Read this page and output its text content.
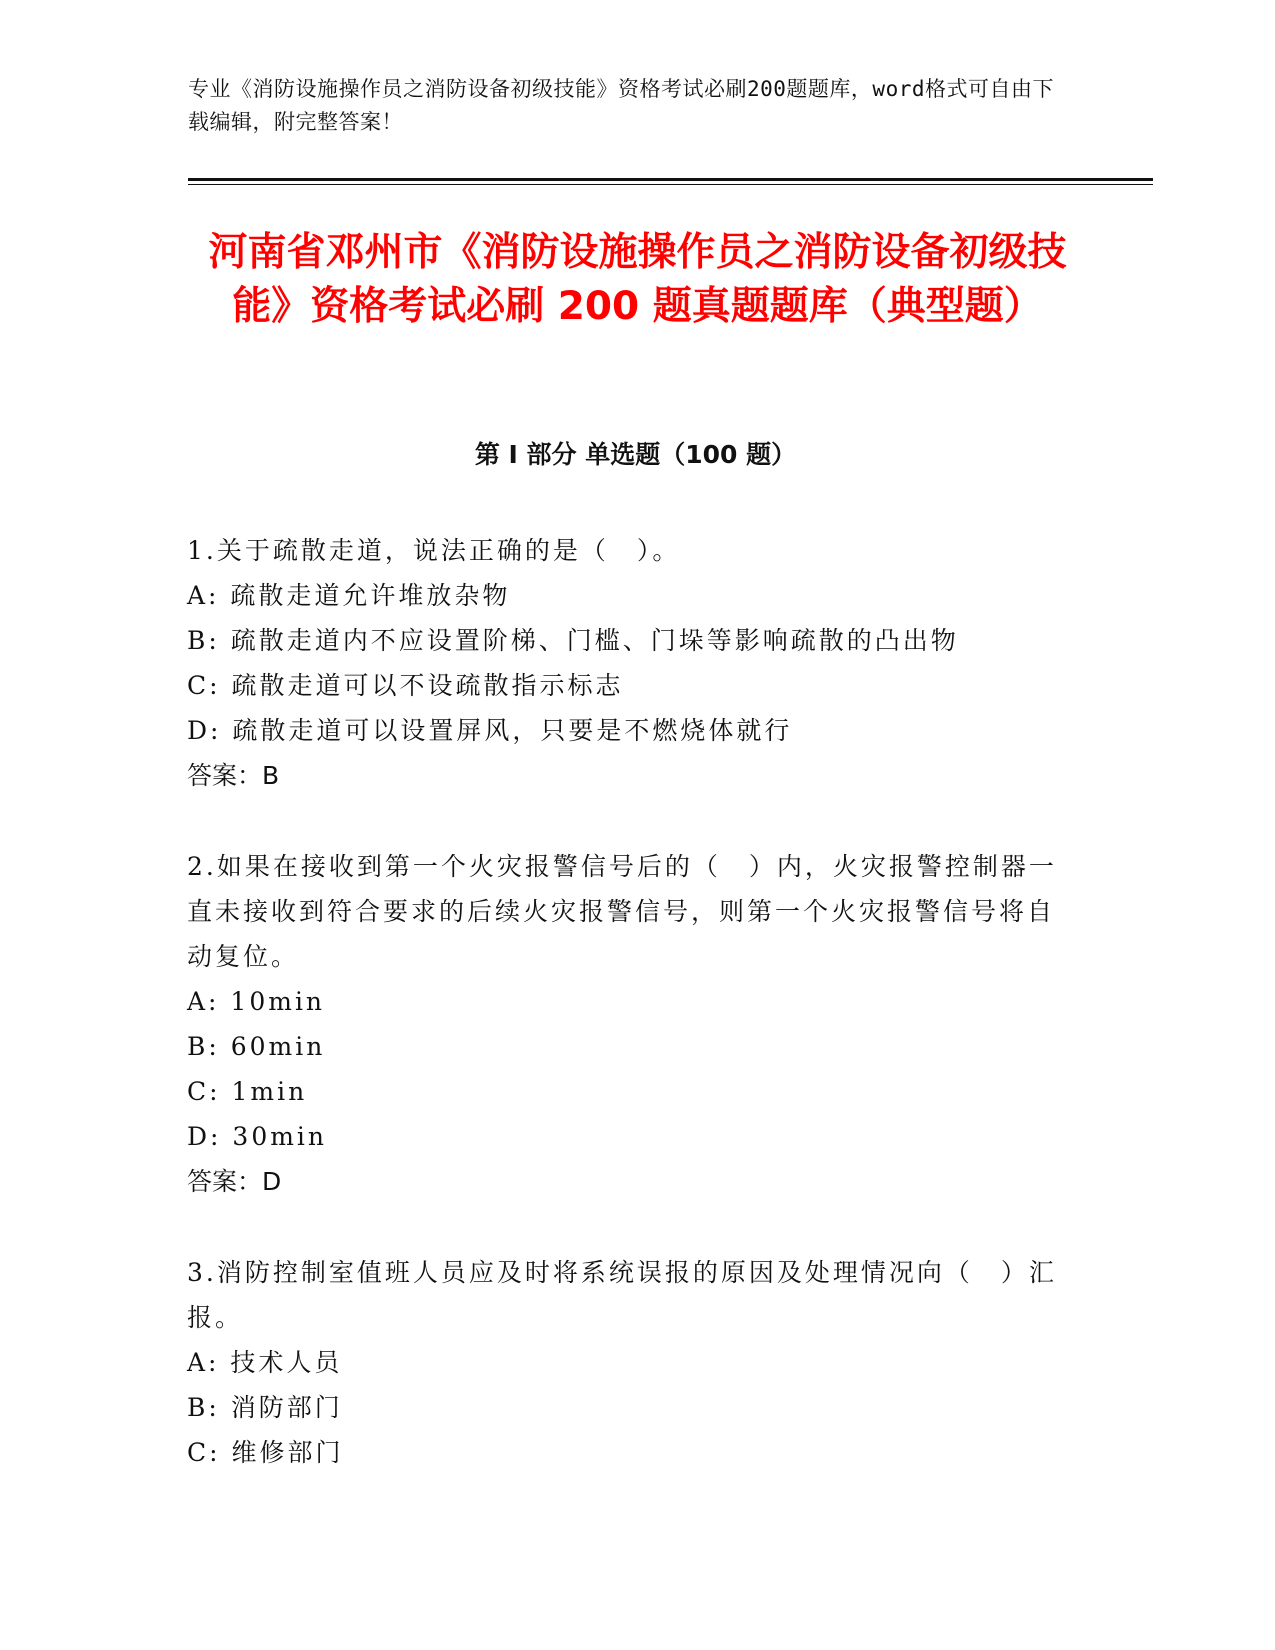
专业《消防设施操作员之消防设备初级技能》资格考试必刷200题题库，word格式可自由下载编辑，附完整答案！
河南省邓州市《消防设施操作员之消防设备初级技能》资格考试必刷 200 题真题题库（典型题）
第 I 部分 单选题（100 题）
1.关于疏散走道，说法正确的是（　）。
A: 疏散走道允许堆放杂物
B: 疏散走道内不应设置阶梯、门槛、门垛等影响疏散的凸出物
C: 疏散走道可以不设疏散指示标志
D: 疏散走道可以设置屏风，只要是不燃烧体就行
答案：B
2.如果在接收到第一个火灾报警信号后的（　）内，火灾报警控制器一直未接收到符合要求的后续火灾报警信号，则第一个火灾报警信号将自动复位。
A: 10min
B: 60min
C: 1min
D: 30min
答案：D
3.消防控制室值班人员应及时将系统误报的原因及处理情况向（　）汇报。
A: 技术人员
B: 消防部门
C: 维修部门
